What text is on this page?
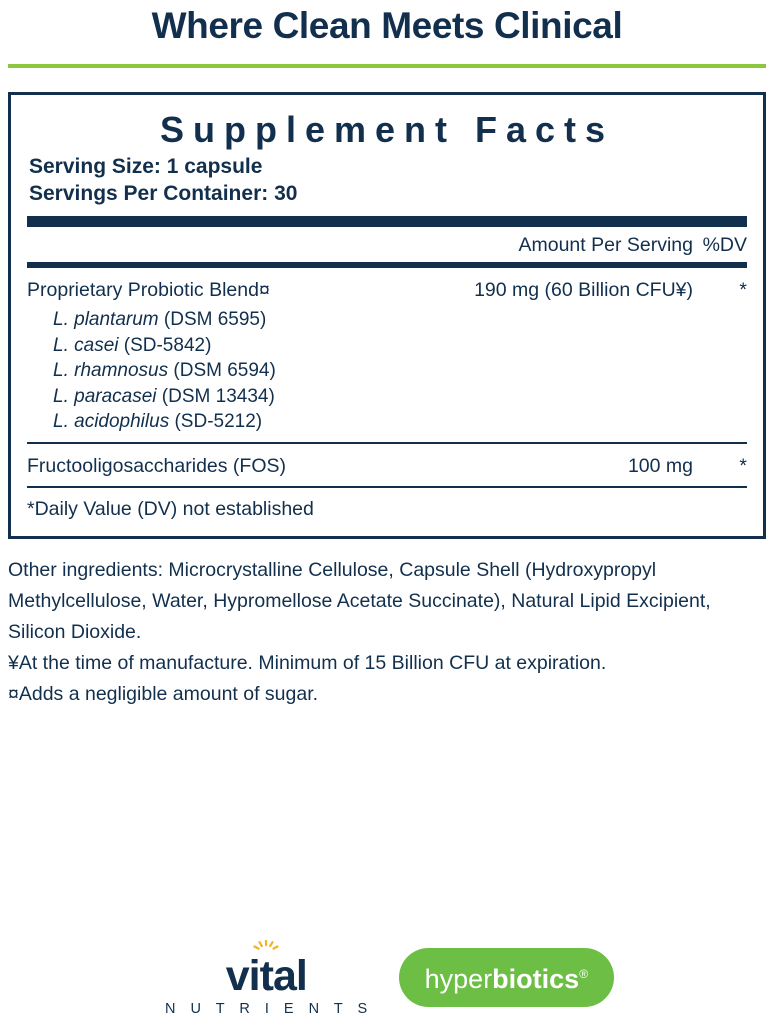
Where Clean Meets Clinical
Supplement Facts
Serving Size: 1 capsule
Servings Per Container: 30
Amount Per Serving %DV
Proprietary Probiotic Blend¤	190 mg (60 Billion CFU¥)	*
L. plantarum (DSM 6595)
L. casei (SD-5842)
L. rhamnosus (DSM 6594)
L. paracasei (DSM 13434)
L. acidophilus (SD-5212)
Fructooligosaccharides (FOS)	100 mg	*
*Daily Value (DV) not established

Other ingredients: Microcrystalline Cellulose, Capsule Shell (Hydroxypropyl Methylcellulose, Water, Hypromellose Acetate Succinate), Natural Lipid Excipient, Silicon Dioxide.

¥At the time of manufacture. Minimum of 15 Billion CFU at expiration.

¤Adds a negligible amount of sugar.

vital
N U T R I E N T S
hyperbiotics®
